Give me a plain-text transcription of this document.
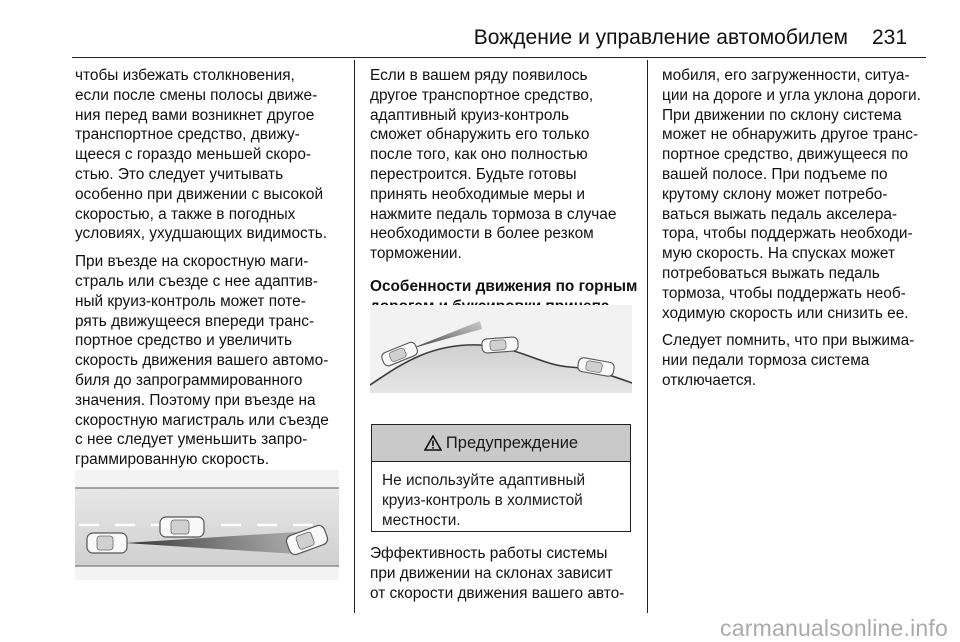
Вождение и управление автомобилем 231

чтобы избежать столкновения,
если после смены полосы движе-
ния перед вами возникнет другое
транспортное средство, движу-
щееся с гораздо меньшей скоро-
стью. Это следует учитывать
особенно при движении с высокой
скоростью, а также в погодных
условиях, ухудшающих видимость.

При въезде на скоростную маги-
страль или съезде с нее адаптив-
ный круиз-контроль может поте-
рять движущееся впереди транс-
портное средство и увеличить
скорость движения вашего автомо-
биля до запрограммированного
значения. Поэтому при въезде на
скоростную магистраль или съезде
с нее следует уменьшить запро-
граммированную скорость.

Если в вашем ряду появилось
другое транспортное средство,
адаптивный круиз-контроль
сможет обнаружить его только
после того, как оно полностью
перестроится. Будьте готовы
принять необходимые меры и
нажмите педаль тормоза в случае
необходимости в более резком
торможении.

Особенности движения по горным

Предупреждение
Не используйте адаптивный
круиз-контроль в холмистой
местности.

Эффективность работы системы
при движении на склонах зависит
от скорости движения вашего авто-

мобиля, его загруженности, ситуа-
ции на дороге и угла уклона дороги.
При движении по склону система
может не обнаружить другое транс-
портное средство, движущееся по
вашей полосе. При подъеме по
крутому склону может потребо-
ваться выжать педаль акселера-
тора, чтобы поддержать необходи-
мую скорость. На спусках может
потребоваться выжать педаль
тормоза, чтобы поддержать необ-
ходимую скорость или снизить ее.

Следует помнить, что при выжима-
нии педали тормоза система
отключается.

carmanualsonline.info
